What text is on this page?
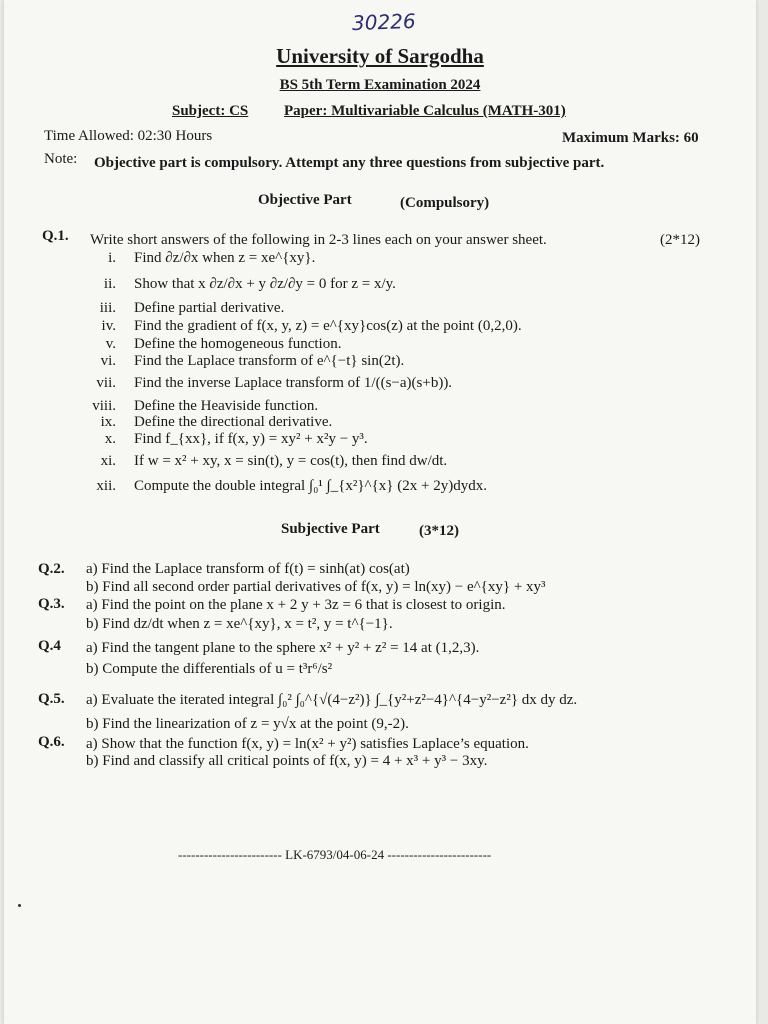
30226
University of Sargodha
BS 5th Term Examination 2024
Subject: CS Paper: Multivariable Calculus (MATH-301)
Time Allowed: 02:30 Hours	Maximum Marks: 60
Note: Objective part is compulsory. Attempt any three questions from subjective part.
Objective Part	(Compulsory)
Q.1. Write short answers of the following in 2-3 lines each on your answer sheet.	(2*12)
i. Find ∂z/∂x when z = xe^{xy}.
ii. Show that x ∂z/∂x + y ∂z/∂y = 0 for z = x/y.
iii. Define partial derivative.
iv. Find the gradient of f(x, y, z) = e^{xy}cos(z) at the point (0,2,0).
v. Define the homogeneous function.
vi. Find the Laplace transform of e^{−t} sin(2t).
vii. Find the inverse Laplace transform of 1/((s−a)(s+b)).
viii. Define the Heaviside function.
ix. Define the directional derivative.
x. Find f_{xx}, if f(x, y) = xy² + x²y − y³.
xi. If w = x² + xy, x = sin(t), y = cos(t), then find dw/dt.
xii. Compute the double integral ∫₀¹ ∫_{x²}^{x} (2x + 2y)dydx.
Subjective Part	(3*12)
Q.2. a) Find the Laplace transform of f(t) = sinh(at) cos(at)
b) Find all second order partial derivatives of f(x, y) = ln(xy) − e^{xy} + xy³
Q.3. a) Find the point on the plane x + 2 y + 3z = 6 that is closest to origin.
b) Find dz/dt when z = xe^{xy}, x = t², y = t^{−1}.
Q.4 a) Find the tangent plane to the sphere x² + y² + z² = 14 at (1,2,3).
b) Compute the differentials of u = t³r⁶/s²
Q.5. a) Evaluate the iterated integral ∫₀² ∫₀^{√(4−z²)} ∫_{y²+z²−4}^{4−y²−z²} dx dy dz.
b) Find the linearization of z = y√x at the point (9,-2).
Q.6. a) Show that the function f(x, y) = ln(x² + y²) satisfies Laplace’s equation.
b) Find and classify all critical points of f(x, y) = 4 + x³ + y³ − 3xy.
------------------------ LK-6793/04-06-24 ------------------------
